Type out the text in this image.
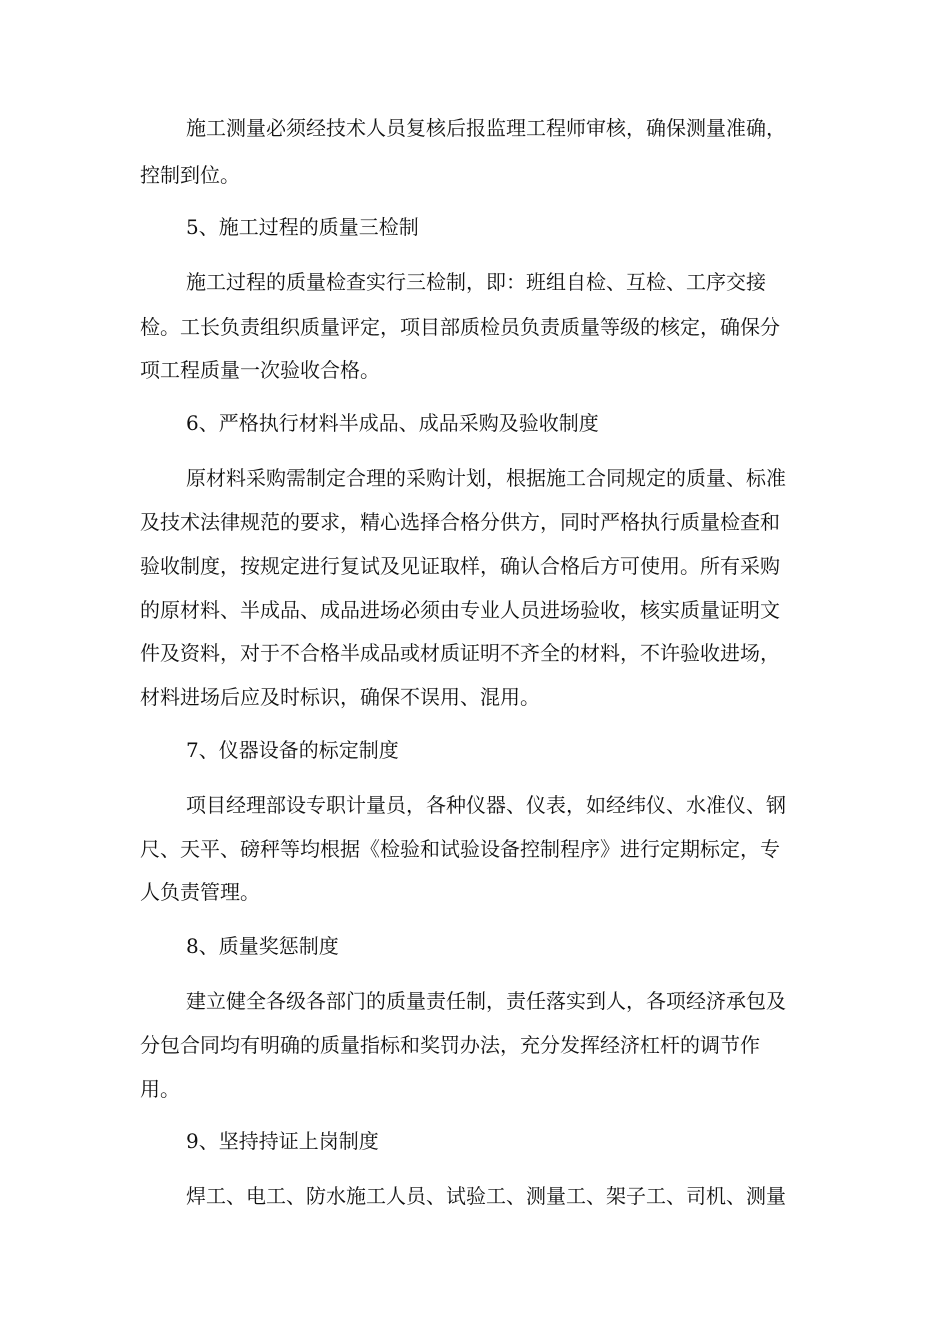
施工测量必须经技术人员复核后报监理工程师审核，确保测量准确，
控制到位。
5、施工过程的质量三检制
施工过程的质量检查实行三检制，即：班组自检、互检、工序交接
检。工长负责组织质量评定，项目部质检员负责质量等级的核定，确保分
项工程质量一次验收合格。
6、严格执行材料半成品、成品采购及验收制度
原材料采购需制定合理的采购计划，根据施工合同规定的质量、标准
及技术法律规范的要求，精心选择合格分供方，同时严格执行质量检查和
验收制度，按规定进行复试及见证取样，确认合格后方可使用。所有采购
的原材料、半成品、成品进场必须由专业人员进场验收，核实质量证明文
件及资料，对于不合格半成品或材质证明不齐全的材料，不许验收进场，
材料进场后应及时标识，确保不误用、混用。
7、仪器设备的标定制度
项目经理部设专职计量员，各种仪器、仪表，如经纬仪、水准仪、钢
尺、天平、磅秤等均根据《检验和试验设备控制程序》进行定期标定，专
人负责管理。
8、质量奖惩制度
建立健全各级各部门的质量责任制，责任落实到人，各项经济承包及
分包合同均有明确的质量指标和奖罚办法，充分发挥经济杠杆的调节作
用。
9、坚持持证上岗制度
焊工、电工、防水施工人员、试验工、测量工、架子工、司机、测量
